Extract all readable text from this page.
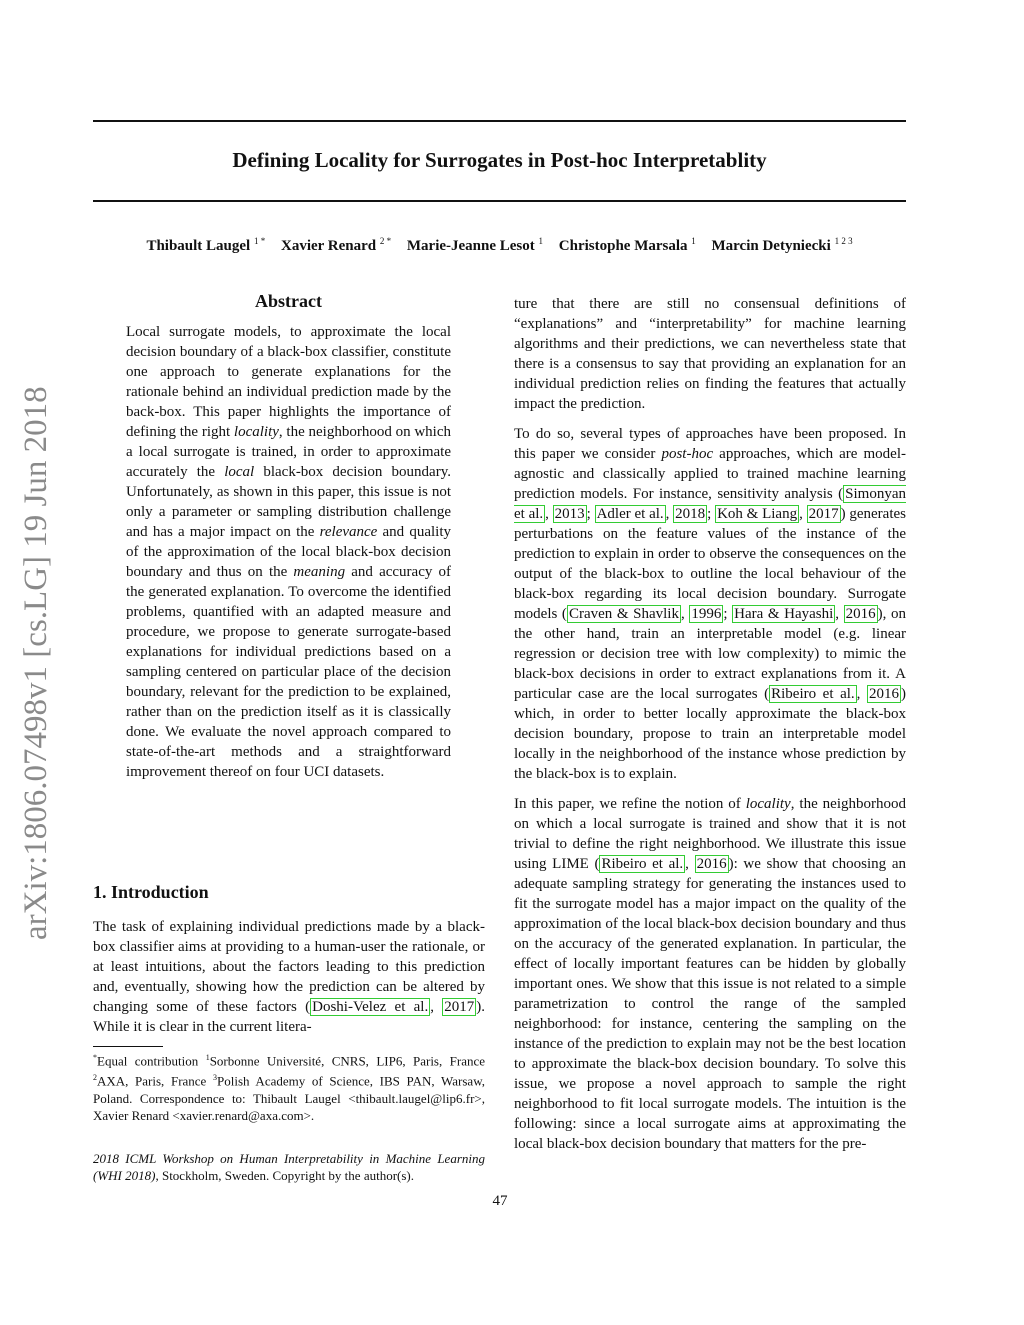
Defining Locality for Surrogates in Post-hoc Interpretablity
Thibault Laugel $^{1 *}$ Xavier Renard $^{2 *}$ Marie-Jeanne Lesot $^1$ Christophe Marsala $^1$ Marcin Detyniecki $^{1 2 3}$
arXiv:1806.07498v1 [cs.LG] 19 Jun 2018
Abstract

Local surrogate models, to approximate the local decision boundary of a black-box classifier, constitute one approach to generate explanations for the rationale behind an individual prediction made by the back-box. This paper highlights the importance of defining the right locality, the neighborhood on which a local surrogate is trained, in order to approximate accurately the local black-box decision boundary. Unfortunately, as shown in this paper, this issue is not only a parameter or sampling distribution challenge and has a major impact on the relevance and quality of the approximation of the local black-box decision boundary and thus on the meaning and accuracy of the generated explanation. To overcome the identified problems, quantified with an adapted measure and procedure, we propose to generate surrogate-based explanations for individual predictions based on a sampling centered on particular place of the decision boundary, relevant for the prediction to be explained, rather than on the prediction itself as it is classically done. We evaluate the novel approach compared to state-of-the-art methods and a straightforward improvement thereof on four UCI datasets.

1. Introduction

The task of explaining individual predictions made by a black-box classifier aims at providing to a human-user the rationale, or at least intuitions, about the factors leading to this prediction and, eventually, showing how the prediction can be altered by changing some of these factors ( Doshi-Velez et al. , 2017 ). While it is clear in the current litera-

*Equal contribution $^1$Sorbonne Université, CNRS, LIP6, Paris, France $^2$AXA, Paris, France $^3$Polish Academy of Science, IBS PAN, Warsaw, Poland. Correspondence to: Thibault Laugel <thibault.laugel@lip6.fr>, Xavier Renard <xavier.renard@axa.com>.

2018 ICML Workshop on Human Interpretability in Machine Learning (WHI 2018), Stockholm, Sweden. Copyright by the author(s).

ture that there are still no consensual definitions of “explanations” and “interpretability” for machine learning algorithms and their predictions, we can nevertheless state that there is a consensus to say that providing an explanation for an individual prediction relies on finding the features that actually impact the prediction.

To do so, several types of approaches have been proposed. In this paper we consider post-hoc approaches, which are model-agnostic and classically applied to trained machine learning prediction models. For instance, sensitivity analysis ( Simonyan et al. , 2013 ; Adler et al. , 2018 ; Koh & Liang , 2017 ) generates perturbations on the feature values of the instance of the prediction to explain in order to observe the consequences on the output of the black-box to outline the local behaviour of the black-box regarding its local decision boundary. Surrogate models ( Craven & Shavlik , 1996 ; Hara & Hayashi , 2016 ), on the other hand, train an interpretable model (e.g. linear regression or decision tree with low complexity) to mimic the black-box decisions in order to extract explanations from it. A particular case are the local surrogates ( Ribeiro et al. , 2016 ) which, in order to better locally approximate the black-box decision boundary, propose to train an interpretable model locally in the neighborhood of the instance whose prediction by the black-box is to explain.

In this paper, we refine the notion of locality, the neighborhood on which a local surrogate is trained and show that it is not trivial to define the right neighborhood. We illustrate this issue using LIME ( Ribeiro et al. , 2016 ): we show that choosing an adequate sampling strategy for generating the instances used to fit the surrogate model has a major impact on the quality of the approximation of the local black-box decision boundary and thus on the accuracy of the generated explanation. In particular, the effect of locally important features can be hidden by globally important ones. We show that this issue is not related to a simple parametrization to control the range of the sampled neighborhood: for instance, centering the sampling on the instance of the prediction to explain may not be the best location to approximate the black-box decision boundary. To solve this issue, we propose a novel approach to sample the right neighborhood to fit local surrogate models. The intuition is the following: since a local surrogate aims at approximating the local black-box decision boundary that matters for the pre-

47
